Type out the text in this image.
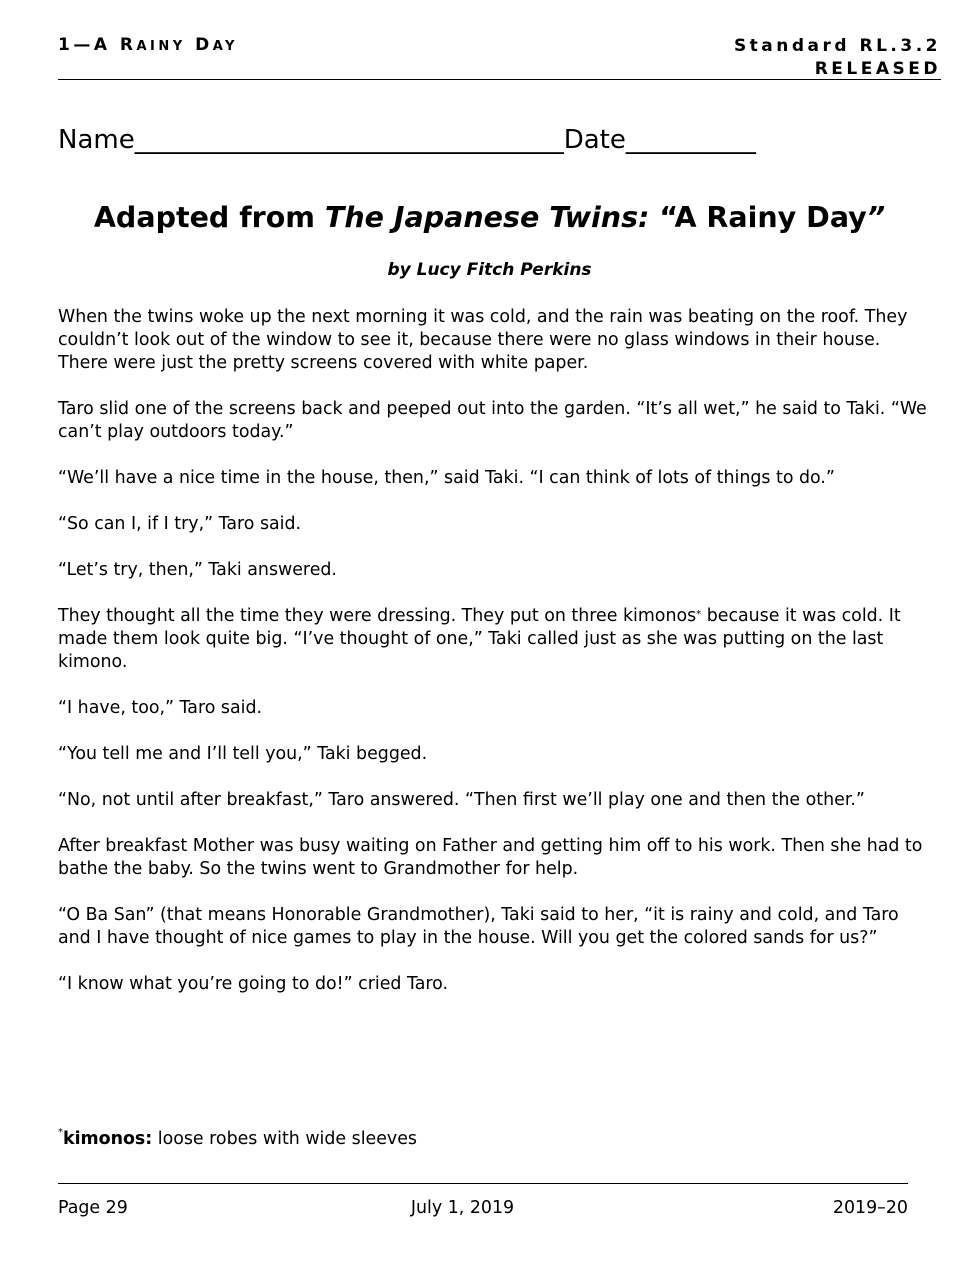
1—A RAINY DAY	Standard RL.3.2
RELEASED
Name_________________________________Date__________
Adapted from The Japanese Twins: “A Rainy Day”
by Lucy Fitch Perkins

When the twins woke up the next morning it was cold, and the rain was beating on the roof. They couldn’t look out of the window to see it, because there were no glass windows in their house. There were just the pretty screens covered with white paper.

Taro slid one of the screens back and peeped out into the garden. “It’s all wet,” he said to Taki. “We can’t play outdoors today.”

“We’ll have a nice time in the house, then,” said Taki. “I can think of lots of things to do.”

“So can I, if I try,” Taro said.

“Let’s try, then,” Taki answered.

They thought all the time they were dressing. They put on three kimonos* because it was cold. It made them look quite big. “I’ve thought of one,” Taki called just as she was putting on the last kimono.

“I have, too,” Taro said.

“You tell me and I’ll tell you,” Taki begged.

“No, not until after breakfast,” Taro answered. “Then first we’ll play one and then the other.”

After breakfast Mother was busy waiting on Father and getting him off to his work. Then she had to bathe the baby. So the twins went to Grandmother for help.

“O Ba San” (that means Honorable Grandmother), Taki said to her, “it is rainy and cold, and Taro and I have thought of nice games to play in the house. Will you get the colored sands for us?”

“I know what you’re going to do!” cried Taro.

*kimonos: loose robes with wide sleeves
Page 29	July 1, 2019	2019–20
